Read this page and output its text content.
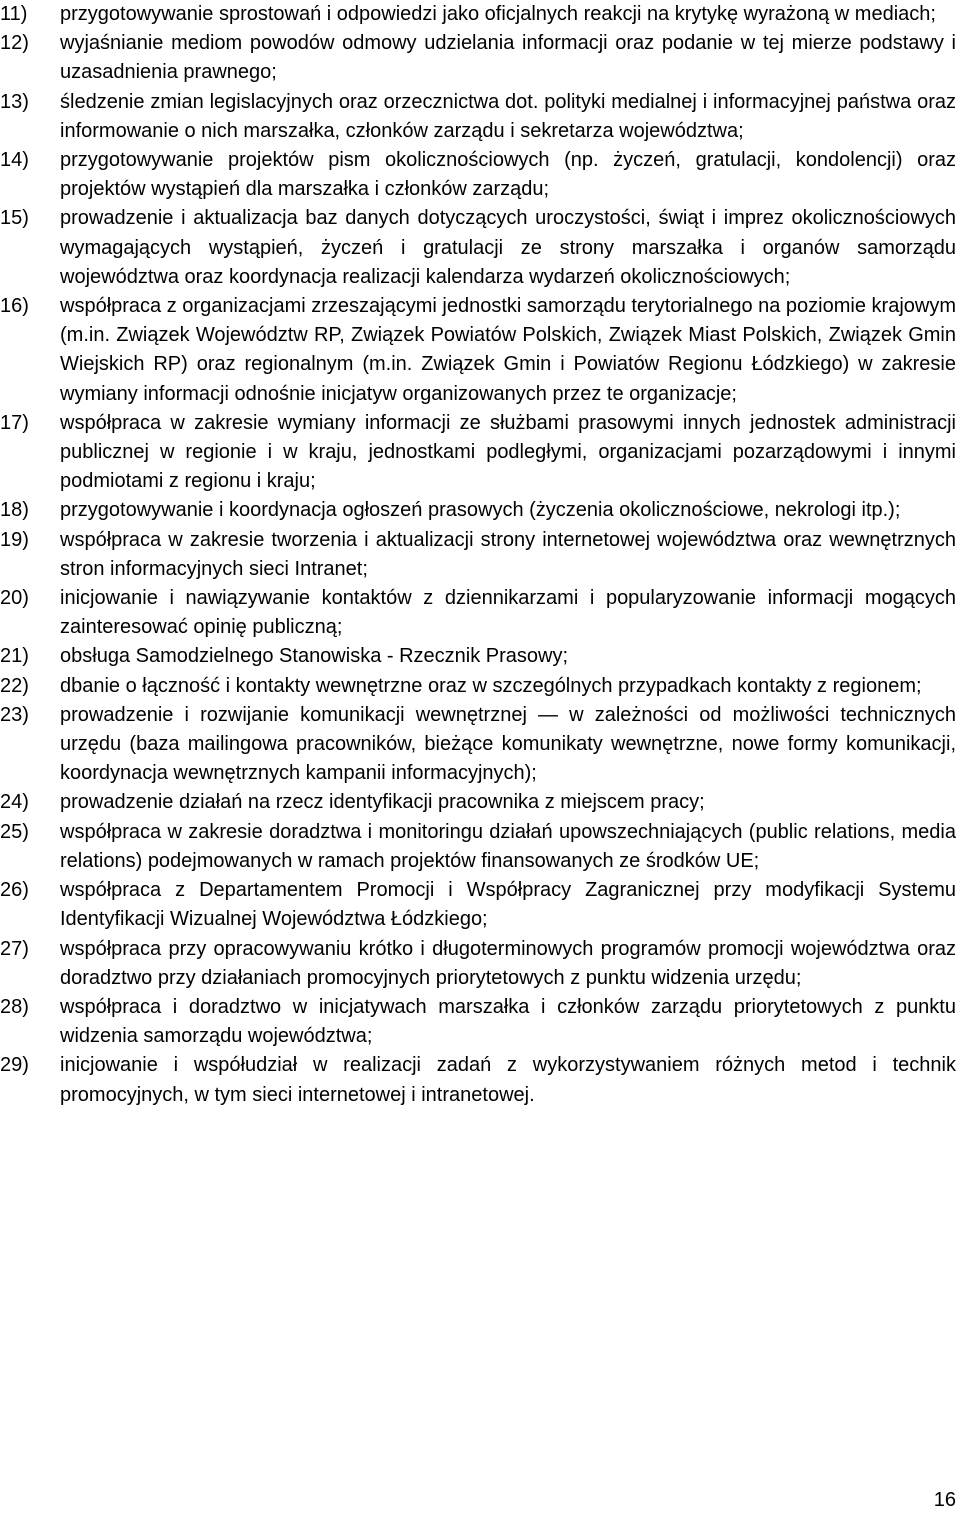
11)	przygotowywanie sprostowań i odpowiedzi jako oficjalnych reakcji na krytykę wyrażoną w mediach;
12)	wyjaśnianie mediom powodów odmowy udzielania informacji oraz podanie w tej mierze podstawy i uzasadnienia prawnego;
13)	śledzenie zmian legislacyjnych oraz orzecznictwa dot. polityki medialnej i informacyjnej państwa oraz informowanie o nich marszałka, członków zarządu i sekretarza województwa;
14)	przygotowywanie projektów pism okolicznościowych (np. życzeń, gratulacji, kondolencji) oraz projektów wystąpień dla marszałka i członków zarządu;
15)	prowadzenie i aktualizacja baz danych dotyczących uroczystości, świąt i imprez okolicznościowych wymagających wystąpień, życzeń i gratulacji ze strony marszałka i organów samorządu województwa oraz koordynacja realizacji kalendarza wydarzeń okolicznościowych;
16)	współpraca z organizacjami zrzeszającymi jednostki samorządu terytorialnego na poziomie krajowym (m.in. Związek Województw RP, Związek Powiatów Polskich, Związek Miast Polskich, Związek Gmin Wiejskich RP) oraz regionalnym (m.in. Związek Gmin i Powiatów Regionu Łódzkiego) w zakresie wymiany informacji odnośnie inicjatyw organizowanych przez te organizacje;
17)	współpraca w zakresie wymiany informacji ze służbami prasowymi innych jednostek administracji publicznej w regionie i w kraju, jednostkami podległymi, organizacjami pozarządowymi i innymi podmiotami z regionu i kraju;
18)	przygotowywanie i koordynacja ogłoszeń prasowych (życzenia okolicznościowe, nekrologi itp.);
19)	współpraca w zakresie tworzenia i aktualizacji strony internetowej województwa oraz wewnętrznych stron informacyjnych sieci Intranet;
20)	inicjowanie i nawiązywanie kontaktów z dziennikarzami i popularyzowanie informacji mogących zainteresować opinię publiczną;
21)	obsługa Samodzielnego Stanowiska - Rzecznik Prasowy;
22)	dbanie o łączność i kontakty wewnętrzne oraz w szczególnych przypadkach kontakty z regionem;
23)	prowadzenie i rozwijanie komunikacji wewnętrznej — w zależności od możliwości technicznych urzędu (baza mailingowa pracowników, bieżące komunikaty wewnętrzne, nowe formy komunikacji, koordynacja wewnętrznych kampanii informacyjnych);
24)	prowadzenie działań na rzecz identyfikacji pracownika z miejscem pracy;
25)	współpraca w zakresie doradztwa i monitoringu działań upowszechniających (public relations, media relations) podejmowanych w ramach projektów finansowanych ze środków UE;
26)	współpraca z Departamentem Promocji i Współpracy Zagranicznej przy modyfikacji Systemu Identyfikacji Wizualnej Województwa Łódzkiego;
27)	współpraca przy opracowywaniu krótko i długoterminowych programów promocji województwa oraz doradztwo przy działaniach promocyjnych priorytetowych z punktu widzenia urzędu;
28)	współpraca i doradztwo w inicjatywach marszałka i członków zarządu priorytetowych z punktu widzenia samorządu województwa;
29)	inicjowanie i współudział w realizacji zadań z wykorzystywaniem różnych metod i technik promocyjnych, w tym sieci internetowej i intranetowej.
16
